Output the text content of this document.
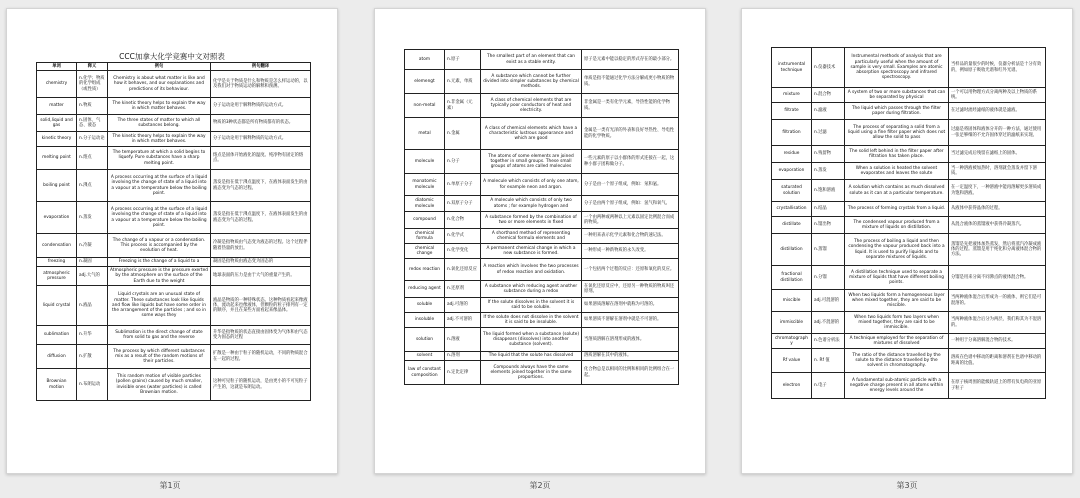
CCC加拿大化学竞赛中文对照表
单词	释义	例句	例句翻译
chemistry	n.化学；物质的化学组成（或性质）	Chemistry is about what matter is like and how it behaves, and our explanations and predictions of its behaviour.	化学是关于物质是什么和物质是怎么样运动的，以及我们对于物质运动的解释和预测。
matter	n.物质	The kinetic theory helps to explain the way in which matter behaves.	分子运动论用于解释物质的运动方式。
solid,liquid and gas	n.固体、气态、液态	The three states of matter to which all substances belong.	物质的3种状态都是所有物质都有的状态。
kinetic theory	n.分子运动论	The kinetic theory helps to explain the way in which matter behaves.	分子运动论用于解释物质的运动方式。
melting point	n.熔点	The temperature at which a solid begins to liquefy. Pure substances have a sharp melting point.	熔点是固体开始液化的温度。纯净物有固定的熔点。
boiling point	n.沸点	A process occurring at the surface of a liquid involving the change of state of a liquid into a vapour at a temperature below the boiling point.	蒸发是指在低于沸点温度下，在液体表面发生的由液态变为气态的过程。
evaporation	n.蒸发	A process occurring at the surface of a liquid involving the change of state of a liquid into a vapour at a temperature below the boiling point.	蒸发是指在低于沸点温度下，在液体表面发生的由液态变为气态的过程。
condensation	n.冷凝	The change of a vapour or a condensation. This process is accompanied by the evolution of heat.	冷凝是指物质由气态变为液态的过程。这个过程伴随着热量的放出。
freezing	n.凝固	Freezing is the change of a liquid to a	凝固是指物质由液态变为固态的
atmospheric pressure	adj.大气的	Atmospheric pressure is the pressure exerted by the atmosphere on the surface of the Earth due to the weight	地球表面的压力是由于大气的重量产生的。
liquid crystal	n.液晶	Liquid crystals are an unusual state of matter. These substances look like liquids and flow like liquids but have some order in the arrangement of the particles ; and so in some ways they	液晶是物质的一种特殊状态。这种物质看起来像液体，流动起来也像液体，但颗粒的粒子排列有一定的顺序，并且在某些方面看起来像晶体。
sublimation	n.升华	Sublimation is the direct change of state from solid to gas and the reverse	升华是指物质的状态直接由固体变为气体和由气态变为固态的过程
diffusion	n.扩散	The process by which different substances mix as a result of the random motions of their particles.	扩散是一种由于粒子的随机运动，不同的物质混合在一起的过程。
Brownian motion	n.布朗运动	This random motion of visible particles (pollen grains) caused by much smaller, invisible ones (water particles) is called Brownian motion.	这种可见粒子的随机运动，是由更小的不可见粒子产生的，这就是布朗运动。
atom	n.原子	The smallest part of an element that can exist as a stable entity.	原子是元素中能以稳定的形式存在的最小部分。
elemengt	n.元素，单质	A substance which cannot be further divided into simpler substances by chemical methods.	单质是指不能通过化学方法分解成更小物质的物质。
non-metal	n.非金属（元素）	A class of chemical elements that are typically poor conductors of heat and electricity.	非金属是一类有化学元素，导热性能的化学物质。
metal	n.金属	A class of chemical elements which have a characteristic lustrous appearance and which are good	金属是一类有光泽的外表和良好导热性、导电性能的化学物质。
molecule	n.分子	The atoms of some elements are joined together in small groups. These small groups of atoms are called molecules	一些元素的原子以小群体的形式连接在一起，这种小群子团称做分子。
monatomic molecule	n.单原子分子	A molecule which consists of only one atom, for example neon and argon.	分子是由一个原子组成，例如：氖和氩。
diatomic molecule	n.双原子分子	A molecule which consists of only two atoms ; for example hydrogen and	分子是由两个原子组成，例如：氢气和氧气。
compound	n.化合物	A substance formed by the combination of two or more elements in fixed	一个由两种或两种以上元素以固定比例混合而成的物质。
chemical formula	n.化学式	A shorthand method of representing chemical formula elements and	一种用来表示化学元素和化合物的速记法。
chemical change	n.化学变化	A permanent chemical change in which a new substance is formed.	一种形成一种新物质的永久改变。
redox reaction	n.氧化还原反应	A reaction which involves the two processes of redox reaction and oxidation.	一个包括两个过程的反应：还原和氧化的反应。
reducing agent	n.还原剂	A substance which reducing agent another substance during a redox	在氧化还原反应中，还原另一种物质的物质叫还原剂。
soluble	adj.可溶的	If the solute dissolves in the solvent it is said to be soluble.	如果溶质溶解在溶剂中就称为可溶的。
insoluble	adj.不可溶的	If the solute does not dissolve in the solvent it is said to be insoluble.	如果溶质不溶解在溶剂中就是不可溶的。
solution	n.溶液	The liquid formed when a substance (solute) disappears (dissolves) into another substance (solvent).	当溶质溶解在溶剂形成的液体。
solvent	n.溶剂	The liquid that the solute has dissolved	溶质溶解在其中的液体。
law of constant composition	n.定比定律	Compounds always have the same elements joined together in the same proportions.	化合物总是以相同的比例和相同的比例组合在一起。
instrumental technique	n.仪器技术	Instrumental methods of analysis that are particularly useful when the amount of sample is very small. Examples are atomic absorption spectroscopy and infrared spectroscopy.	当样品的量很少的时候，仪器分析法是十分有效的，例如原子吸收光谱和红外光谱。
mixture	n.混合物	A system of two or more substances that can be separated by physical	一个可以用物理方式分离两种及以上物质的系统。
filtrate	n.滤液	The liquid which passes through the filter paper during filtration.	在过滤时流经滤纸的液体就是滤液。
filtration	n.过滤	The process of separating a solid from a liquid using a fine filter paper which does not allow the solid to pass	过滤是将固体和液体分开的一种方法，通过使用一张足够细的不允许固体穿过的滤纸来实现。
residue	n.残留物	The solid left behind in the filter paper after filtration has taken place.	当过滤完成后残留在滤纸上的固体。
evaporation	n.蒸发	When a solution is heated the solvent evaporates and leaves the solute	当一种溶液被加热时，溶剂就会蒸发并留下溶质。
saturated solution	n.饱和溶液	A solution which contains as much dissolved solute as it can at a particular temperature.	在一定温度下，一种溶液中能再溶解更多溶质成为饱和溶液。
crystallisation	n.结晶	The process of forming crystals from a liquid.	从液体中获得晶体的过程。
distillate	n.馏出物	The condensed vapour produced from a mixture of liquids on distillation.	从混合液体的蒸馏液中获得冷凝蒸汽。
distillation	n.蒸馏	The process of boiling a liquid and then condensing the vapour produced back into a liquid. It is used to purify liquids and to separate mixtures of liquids.	蒸馏是先把液体加热蒸发，然后将蒸汽冷凝成液体的过程。蒸馏是用于纯化和分离液体混合物的方法。
fractional distillation	n.分馏	A distillation technique used to separate a mixture of liquids that have different boiling points.	分馏是用来分离不同沸点的液体混合物。
miscible	adj.可混溶的	When two liquids form a homogeneous layer when mixed together, they are said to be miscible.	当两种液体混合后形成为一的液体，则它们是可混溶的。
immiscible	adj.不混溶的	When two liquids form two layers when mixed together, they are said to be immiscible.	当两种液体混合后分为两层，我们称其为不混溶的。
chromatography	n.色谱分析法	A technique employed for the separation of mixtures of dissolved	一种用于分离溶解混合物的技术。
Rf value	n. Rf 值	The ratio of the distance travelled by the solute to the distance travelled by the solvent in chromatography.	溶质在色谱中移动的距离和溶剂在色谱中移动的距离的比值。
electron	n.电子	A fundamental sub-atomic particle with a negative charge present in all atoms within energy levels around the	在原子核周围的能级轨道上的带有负电荷的亚原子粒子
第1页	第2页	第3页
